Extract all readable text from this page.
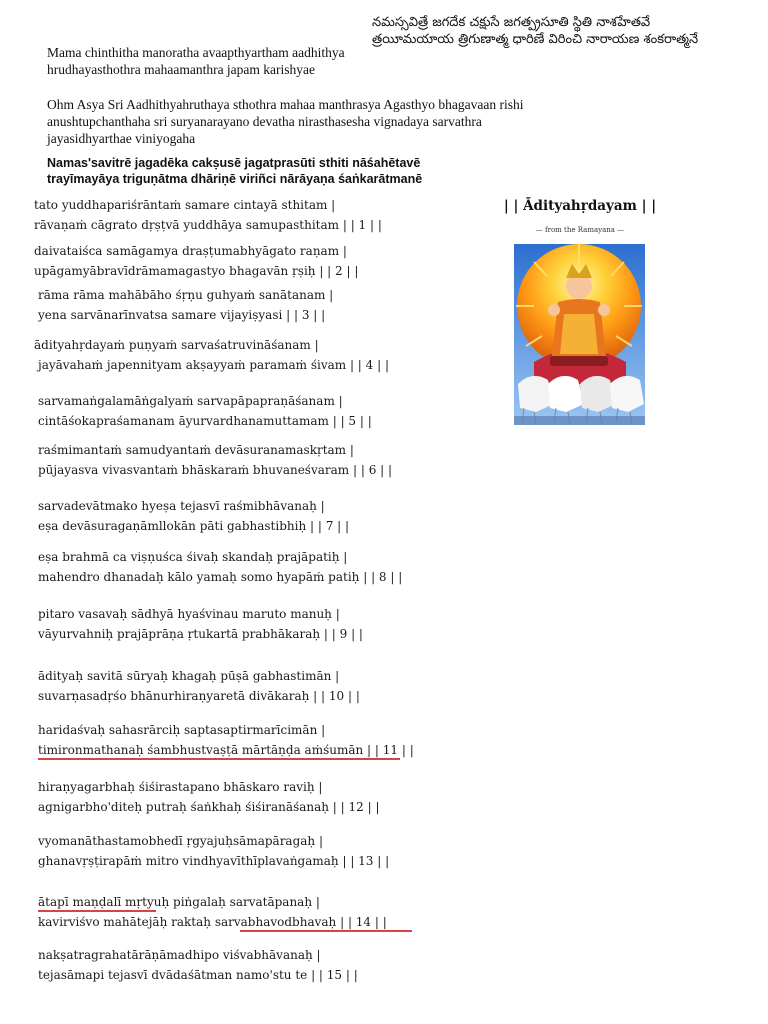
నమస్సవిత్రే జగదేక చక్షుసే జగత్ప్రసూతి స్థితి నాశహేతవే
త్రయీమయాయ త్రిగుణాత్మ ధారిణే విరించి నారాయణ శంకరాత్మనే
Mama chinthitha manoratha avaapthyartham aadhithya
hrudhayasthothra mahaamanthra japam karishyae
Ohm Asya Sri Aadhithyahruthaya sthothra mahaa manthrasya Agasthyo bhagavaan rishi
anushtupchanthaha sri suryanarayano devatha nirasthasesha vignadaya sarvathra
jayasidhyarthae viniyogaha
Namas'savitrē jagadēka cakṣusē jagatprasūti sthiti nāśahētavē
trayīmayāya triguṇātma dhāriṇē viriñci nārāyaṇa śaṅkarātmanē
| | Ādityahṛdayam | |
— from the Ramayana —
tato yuddhapariśrāntaṁ samare cintayā sthitam |
rāvaṇaṁ cāgrato dṛṣṭvā yuddhāya samupasthitam | | 1 | |
daivataiśca samāgamya draṣṭumabhyāgato raṇam |
upāgamyābravīdrāmamagastyo bhagavān ṛṣiḥ | | 2 | |
rāma rāma mahābāho śṛṇu guhyaṁ sanātanam |
yena sarvānarīnvatsa samare vijayiṣyasi | | 3 | |
ādityahṛdayaṁ puṇyaṁ sarvaśatruvināśanam |
jayāvahaṁ japennityam akṣayyaṁ paramaṁ śivam | | 4 | |
sarvamaṅgalamāṅgalyaṁ sarvapāpapraṇāśanam |
cintāśokapraśamanam āyurvardhanamuttamam | | 5 | |
raśmimantaṁ samudyantaṁ devāsuranamaskṛtam |
pūjayasva vivasvantaṁ bhāskaraṁ bhuvaneśvaram | | 6 | |
sarvadevātmako hyeṣa tejasvī raśmibhāvanaḥ |
eṣa devāsuragaṇāmllokān pāti gabhastibhiḥ | | 7 | |
eṣa brahmā ca viṣṇuśca śivaḥ skandaḥ prajāpatiḥ |
mahendro dhanadaḥ kālo yamaḥ somo hyapāṁ patiḥ | | 8 | |
pitaro vasavaḥ sādhyā hyaśvinau maruto manuḥ |
vāyurvahniḥ prajāprāṇa ṛtukartā prabhākaraḥ | | 9 | |
ādityaḥ savitā sūryaḥ khagaḥ pūṣā gabhastimān |
suvarṇasadṛśo bhānurhiraṇyaretā divākaraḥ | | 10 | |
haridaśvaḥ sahasrārciḥ saptasaptirmarīcimān |
timironmathanaḥ śambhustvaṣṭā mārtāṇḍa aṁśumān | | 11 | |
hiraṇyagarbhaḥ śiśirastapano bhāskaro raviḥ |
agnigarbho'diteḥ putraḥ śaṅkhaḥ śiśiranāśanaḥ | | 12 | |
vyomanāthastamobhedī ṛgyajuḥsāmapāragaḥ |
ghanavṛṣṭirapāṁ mitro vindhyavīthīplavaṅgamaḥ | | 13 | |
ātapī maṇḍalī mṛtyuḥ piṅgalaḥ sarvatāpanaḥ |
kavirviśvo mahātejāḥ raktaḥ sarvabhavodbhavaḥ | | 14 | |
nakṣatragrahatārāṇāmadhipo viśvabhāvanaḥ |
tejasāmapi tejasvī dvādaśātman namo'stu te | | 15 | |
